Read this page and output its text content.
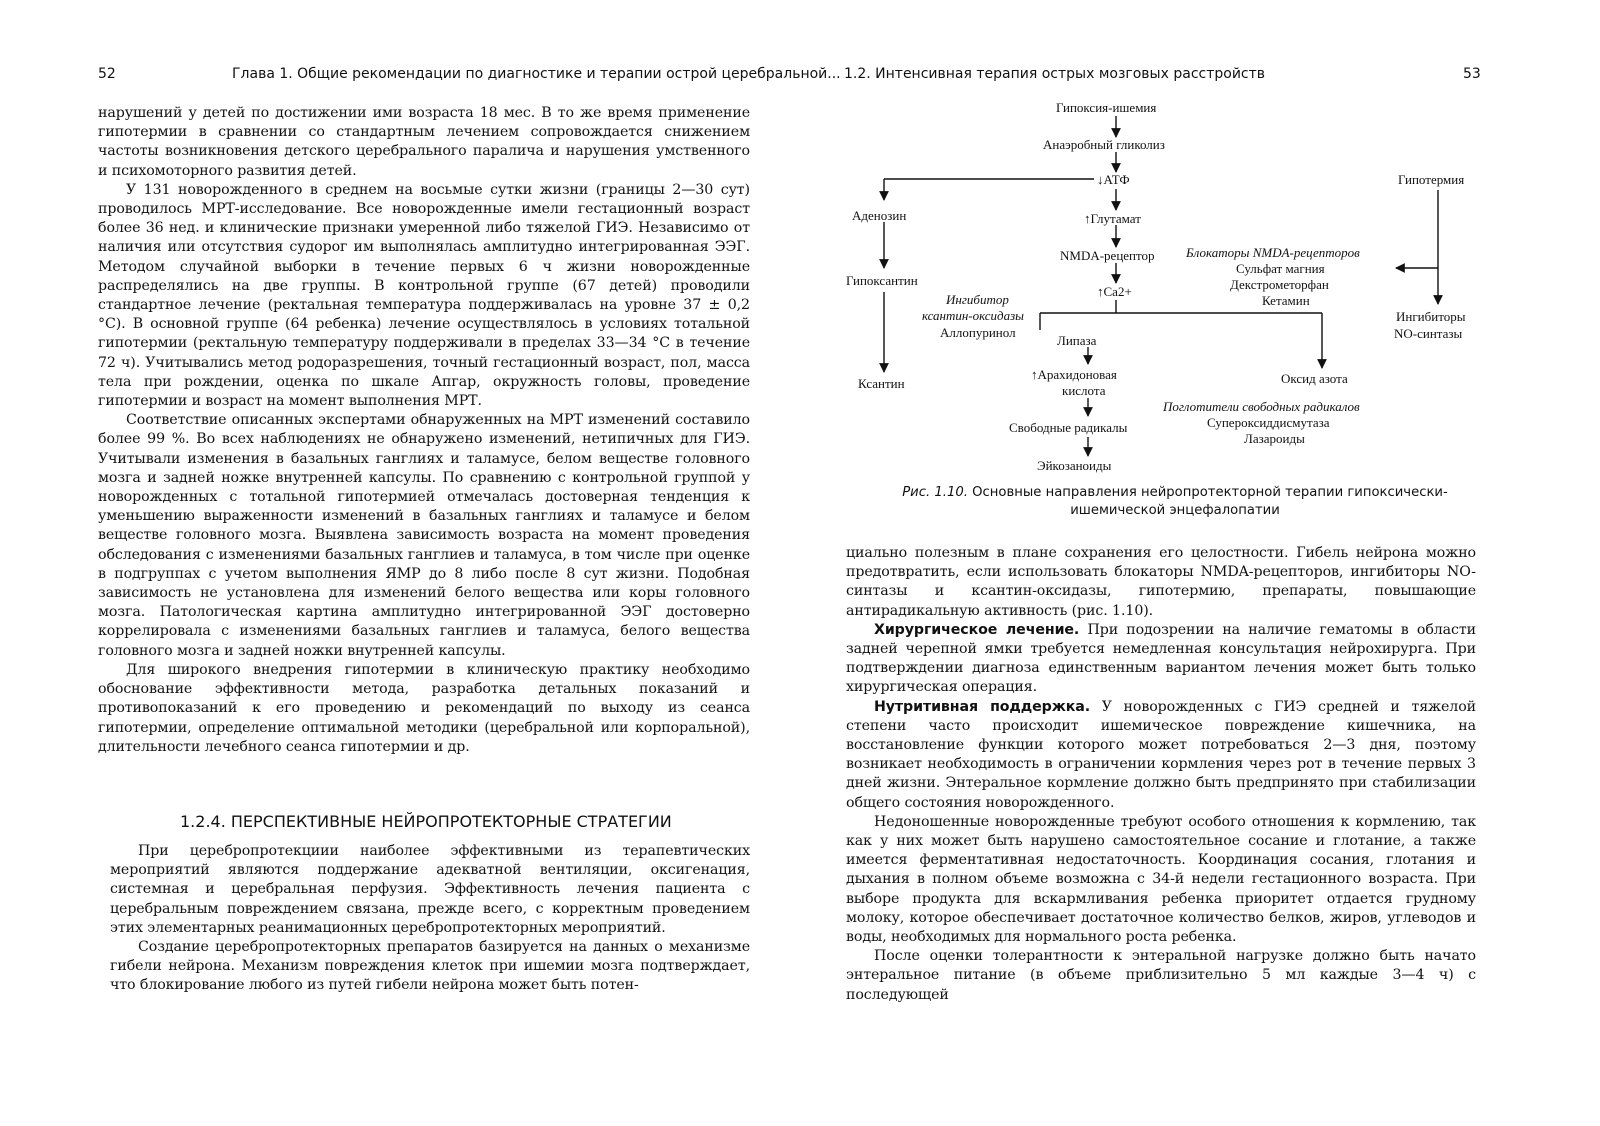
52	Глава 1. Общие рекомендации по диагностике и терапии острой церебральной...

нарушений у детей по достижении ими возраста 18 мес. В то же время применение гипотермии в сравнении со стандартным лечением сопровождается снижением частоты возникновения детского церебрального паралича и нарушения умственного и психомоторного развития детей.

У 131 новорожденного в среднем на восьмые сутки жизни (границы 2—30 сут) проводилось МРТ-исследование. Все новорожденные имели гестационный возраст более 36 нед. и клинические признаки умеренной либо тяжелой ГИЭ. Независимо от наличия или отсутствия судорог им выполнялась амплитудно интегрированная ЭЭГ. Методом случайной выборки в течение первых 6 ч жизни новорожденные распределялись на две группы. В контрольной группе (67 детей) проводили стандартное лечение (ректальная температура поддерживалась на уровне 37 ± 0,2 °С). В основной группе (64 ребенка) лечение осуществлялось в условиях тотальной гипотермии (ректальную температуру поддерживали в пределах 33—34 °С в течение 72 ч). Учитывались метод родоразрешения, точный гестационный возраст, пол, масса тела при рождении, оценка по шкале Апгар, окружность головы, проведение гипотермии и возраст на момент выполнения МРТ.

Соответствие описанных экспертами обнаруженных на МРТ изменений составило более 99 %. Во всех наблюдениях не обнаружено изменений, нетипичных для ГИЭ. Учитывали изменения в базальных ганглиях и таламусе, белом веществе головного мозга и задней ножке внутренней капсулы. По сравнению с контрольной группой у новорожденных с тотальной гипотермией отмечалась достоверная тенденция к уменьшению выраженности изменений в базальных ганглиях и таламусе и белом веществе головного мозга. Выявлена зависимость возраста на момент проведения обследования с изменениями базальных ганглиев и таламуса, в том числе при оценке в подгруппах с учетом выполнения ЯМР до 8 либо после 8 сут жизни. Подобная зависимость не установлена для изменений белого вещества или коры головного мозга. Патологическая картина амплитудно интегрированной ЭЭГ достоверно коррелировала с изменениями базальных ганглиев и таламуса, белого вещества головного мозга и задней ножки внутренней капсулы.

Для широкого внедрения гипотермии в клиническую практику необходимо обоснование эффективности метода, разработка детальных показаний и противопоказаний к его проведению и рекомендаций по выходу из сеанса гипотермии, определение оптимальной методики (церебральной или корпоральной), длительности лечебного сеанса гипотермии и др.

1.2.4. ПЕРСПЕКТИВНЫЕ НЕЙРОПРОТЕКТОРНЫЕ СТРАТЕГИИ

При церебропротекциии наиболее эффективными из терапевтических мероприятий являются поддержание адекватной вентиляции, оксигенация, системная и церебральная перфузия. Эффективность лечения пациента с церебральным повреждением связана, прежде всего, с корректным проведением этих элементарных реанимационных церебропротекторных мероприятий.

Создание церебропротекторных препаратов базируется на данных о механизме гибели нейрона. Механизм повреждения клеток при ишемии мозга подтверждает, что блокирование любого из путей гибели нейрона может быть потен-

1.2. Интенсивная терапия острых мозговых расстройств	53
Гипоксия-ишемия
Анаэробный гликолиз
↓АТФ	Гипотермия
Аденозин	↑Глутамат
NMDA-рецептор Блокаторы NMDA-рецепторов
Сульфат магния
Декстрометорфан
Кетамин
Гипоксантин
↑Са2+
Ингибитор
ксантин-оксидазы
Аллопуринол
Липаза
Ингибиторы
NO-синтазы
Ксантин
↑Арахидоновая
кислота
Оксид азота
Поглотители свободных радикалов
Супероксиддисмутаза
Лазароиды
Свободные радикалы
Эйкозаноиды
Рис. 1.10. Основные направления нейропротекторной терапии гипоксически-ишемической энцефалопатии

циально полезным в плане сохранения его целостности. Гибель нейрона можно предотвратить, если использовать блокаторы NMDA-рецепторов, ингибиторы NO-синтазы и ксантин-оксидазы, гипотермию, препараты, повышающие антирадикальную активность (рис. 1.10).

Хирургическое лечение. При подозрении на наличие гематомы в области задней черепной ямки требуется немедленная консультация нейрохирурга. При подтверждении диагноза единственным вариантом лечения может быть только хирургическая операция.

Нутритивная поддержка. У новорожденных с ГИЭ средней и тяжелой степени часто происходит ишемическое повреждение кишечника, на восстановление функции которого может потребоваться 2—3 дня, поэтому возникает необходимость в ограничении кормления через рот в течение первых 3 дней жизни. Энтеральное кормление должно быть предпринято при стабилизации общего состояния новорожденного.

Недоношенные новорожденные требуют особого отношения к кормлению, так как у них может быть нарушено самостоятельное сосание и глотание, а также имеется ферментативная недостаточность. Координация сосания, глотания и дыхания в полном объеме возможна с 34-й недели гестационного возраста. При выборе продукта для вскармливания ребенка приоритет отдается грудному молоку, которое обеспечивает достаточное количество белков, жиров, углеводов и воды, необходимых для нормального роста ребенка.

После оценки толерантности к энтеральной нагрузке должно быть начато энтеральное питание (в объеме приблизительно 5 мл каждые 3—4 ч) с последующей
